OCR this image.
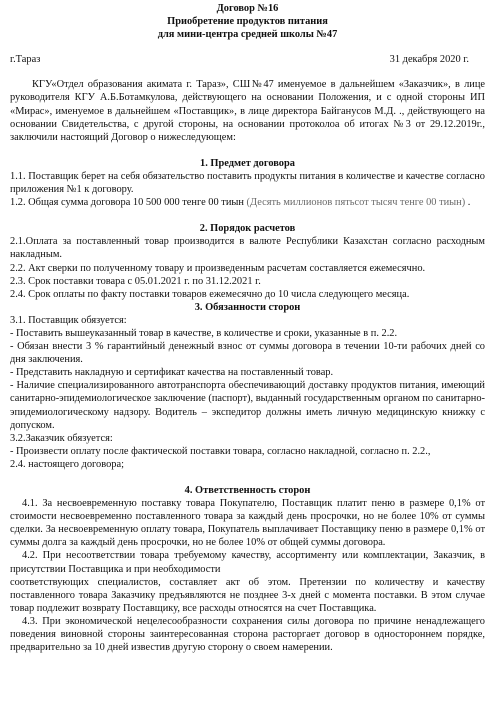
Договор №16

Приобретение продуктов питания

для мини-центра средней школы №47

г.Тараз	31 декабря 2020 г.

КГУ«Отдел образования акимата г. Тараз», СШ№47 именуемое в дальнейшем «Заказчик», в лице руководителя КГУ А.Б.Ботамкулова, действующего на основании Положения, и с одной стороны ИП «Мирас», именуемое в дальнейшем «Поставщик», в лице директора Байганусов М.Д. ., действующего на основании Свидетельства, с другой стороны, на основании протоколоа об итогах №3 от 29.12.2019г., заключили настоящий Договор о нижеследующем:

1. Предмет договора

1.1. Поставщик берет на себя обязательство поставить продукты питания в количестве и качестве согласно приложения №1 к договору.

1.2. Общая сумма договора 10 500 000 тенге 00 тиын (Десять миллионов пятьсот тысяч тенге 00 тиын) .

2. Порядок расчетов

2.1.Оплата за поставленный товар производится в валюте Республики Казахстан согласно расходным накладным.

2.2. Акт сверки по полученному товару и произведенным расчетам составляется ежемесячно.

2.3. Срок поставки товара с 05.01.2021 г. по 31.12.2021 г.

2.4. Срок оплаты по факту поставки товаров ежемесячно до 10 числа следующего месяца.

3. Обязанности сторон

3.1. Поставщик обязуется:

- Поставить вышеуказанный товар в качестве, в количестве и сроки, указанные в п. 2.2.

- Обязан внести 3 % гарантийный денежный взнос от суммы договора в течении 10-ти рабочих дней со дня заключения.

- Представить накладную и сертификат качества на поставленный товар.

- Наличие специализированного автотранспорта обеспечивающий доставку продуктов питания, имеющий санитарно-эпидемиологическое заключение (паспорт), выданный государственным органом по санитарно-эпидемиологическому надзору. Водитель – экспедитор должны иметь личную медицинскую книжку с допуском.

3.2.Заказчик обязуется:

- Произвести оплату после фактической поставки товара, согласно накладной, согласно п. 2.2.,

2.4. настоящего договора;

4. Ответственность сторон

4.1. За несвоевременную поставку товара Покупателю, Поставщик платит пеню в размере 0,1% от стоимости несвоевременно поставленного товара за каждый день просрочки, но не более 10% от суммы сделки. За несвоевременную оплату товара, Покупатель выплачивает Поставщику пеню в размере 0,1% от суммы долга за каждый день просрочки, но не более 10% от общей суммы договора.

4.2. При несоответствии товара требуемому качеству, ассортименту или комплектации, Заказчик, в присутствии Поставщика и при необходимости

соответствующих специалистов, составляет акт об этом. Претензии по количеству и качеству поставленного товара Заказчику предъявляются не позднее 3-х дней с момента поставки. В этом случае товар подлежит возврату Поставщику, все расходы относятся на счет Поставщика.

4.3. При экономической нецелесообразности сохранения силы договора по причине ненадлежащего поведения виновной стороны заинтересованная сторона расторгает договор в одностороннем порядке, предварительно за 10 дней известив другую сторону о своем намерении.
